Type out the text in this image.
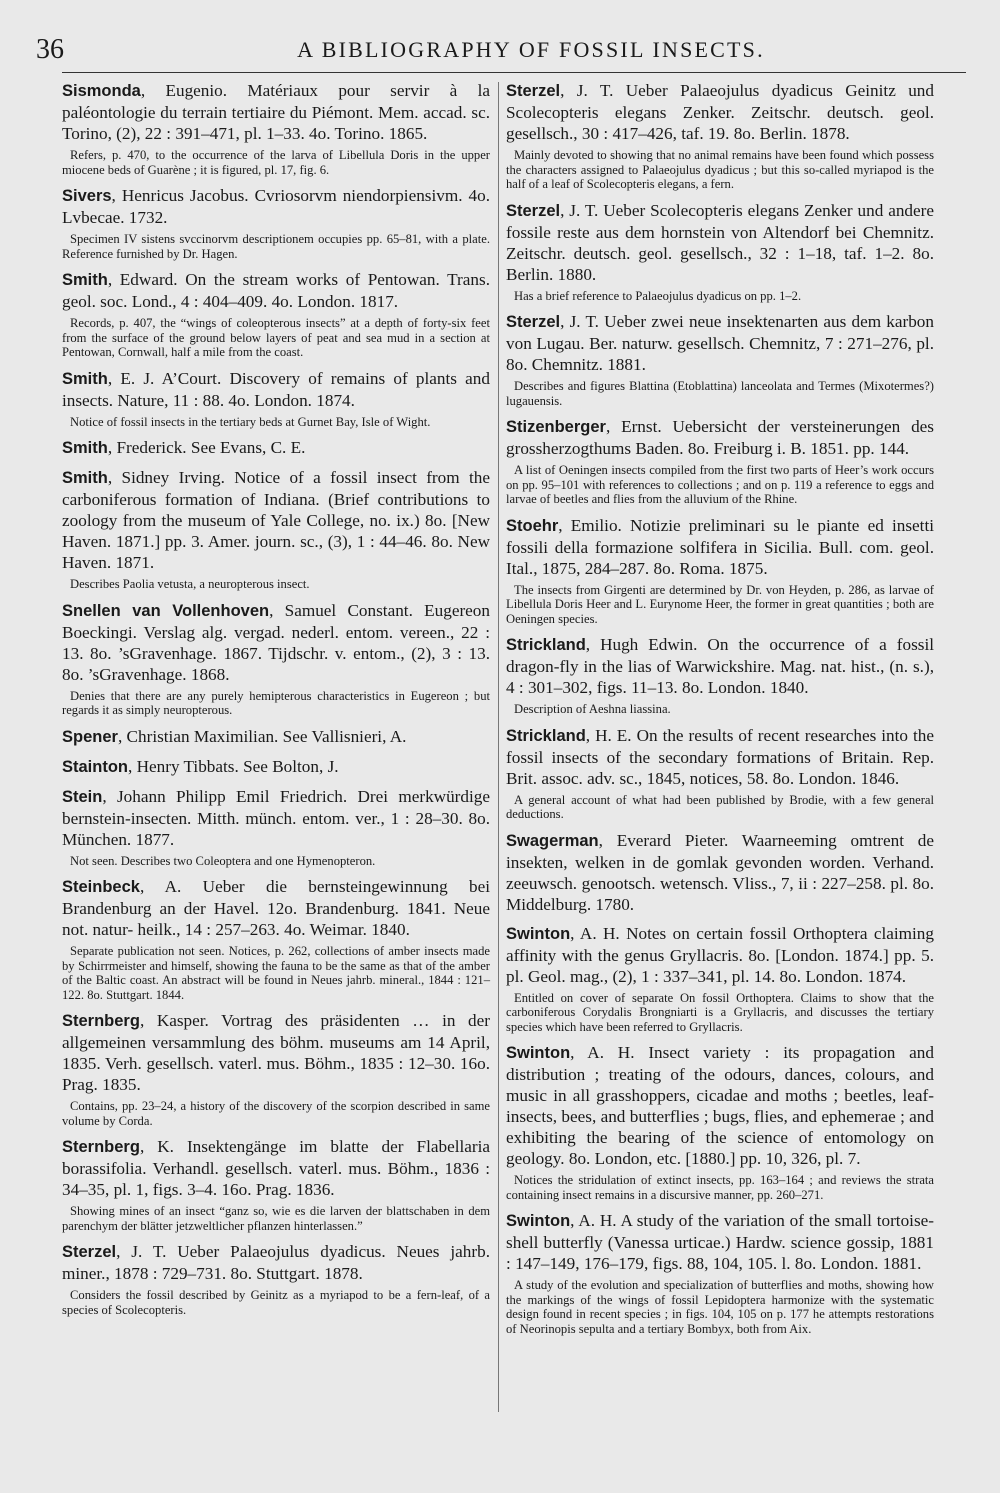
36	A BIBLIOGRAPHY OF FOSSIL INSECTS.
Sismonda, Eugenio. Matériaux pour servir à la paléontologie du terrain tertiaire du Piémont. Mem. accad. sc. Torino, (2), 22 : 391–471, pl. 1–33. 4o. Torino. 1865.
Refers, p. 470, to the occurrence of the larva of Libellula Doris in the upper miocene beds of Guarène ; it is figured, pl. 17, fig. 6.
Sivers, Henricus Jacobus. Cvriosorvm niendorpiensivm. 4o. Lvbecae. 1732.
Specimen IV sistens svccinorvm descriptionem occupies pp. 65–81, with a plate. Reference furnished by Dr. Hagen.
Smith, Edward. On the stream works of Pentowan. Trans. geol. soc. Lond., 4 : 404–409. 4o. London. 1817.
Records, p. 407, the “wings of coleopterous insects” at a depth of forty-six feet from the surface of the ground below layers of peat and sea mud in a section at Pentowan, Cornwall, half a mile from the coast.
Smith, E. J. A’Court. Discovery of remains of plants and insects. Nature, 11 : 88. 4o. London. 1874.
Notice of fossil insects in the tertiary beds at Gurnet Bay, Isle of Wight.
Smith, Frederick. See Evans, C. E.
Smith, Sidney Irving. Notice of a fossil insect from the carboniferous formation of Indiana. (Brief contributions to zoology from the museum of Yale College, no. ix.) 8o. [New Haven. 1871.] pp. 3. Amer. journ. sc., (3), 1 : 44–46. 8o. New Haven. 1871.
Describes Paolia vetusta, a neuropterous insect.
Snellen van Vollenhoven, Samuel Constant. Eugereon Boeckingi. Verslag alg. vergad. nederl. entom. vereen., 22 : 13. 8o. ’sGravenhage. 1867. Tijdschr. v. entom., (2), 3 : 13. 8o. ’sGravenhage. 1868.
Denies that there are any purely hemipterous characteristics in Eugereon ; but regards it as simply neuropterous.
Spener, Christian Maximilian. See Vallisnieri, A.
Stainton, Henry Tibbats. See Bolton, J.
Stein, Johann Philipp Emil Friedrich. Drei merkwürdige bernstein-insecten. Mitth. münch. entom. ver., 1 : 28–30. 8o. München. 1877.
Not seen. Describes two Coleoptera and one Hymenopteron.
Steinbeck, A. Ueber die bernsteingewinnung bei Brandenburg an der Havel. 12o. Brandenburg. 1841. Neue not. natur- heilk., 14 : 257–263. 4o. Weimar. 1840.
Separate publication not seen. Notices, p. 262, collections of amber insects made by Schirrmeister and himself, showing the fauna to be the same as that of the amber of the Baltic coast. An abstract will be found in Neues jahrb. mineral., 1844 : 121–122. 8o. Stuttgart. 1844.
Sternberg, Kasper. Vortrag des präsidenten … in der allgemeinen versammlung des böhm. museums am 14 April, 1835. Verh. gesellsch. vaterl. mus. Böhm., 1835 : 12–30. 16o. Prag. 1835.
Contains, pp. 23–24, a history of the discovery of the scorpion described in same volume by Corda.
Sternberg, K. Insektengänge im blatte der Flabellaria borassifolia. Verhandl. gesellsch. vaterl. mus. Böhm., 1836 : 34–35, pl. 1, figs. 3–4. 16o. Prag. 1836.
Showing mines of an insect “ganz so, wie es die larven der blattschaben in dem parenchym der blätter jetzweltlicher pflanzen hinterlassen.”
Sterzel, J. T. Ueber Palaeojulus dyadicus. Neues jahrb. miner., 1878 : 729–731. 8o. Stuttgart. 1878.
Considers the fossil described by Geinitz as a myriapod to be a fern-leaf, of a species of Scolecopteris.
Sterzel, J. T. Ueber Palaeojulus dyadicus Geinitz und Scolecopteris elegans Zenker. Zeitschr. deutsch. geol. gesellsch., 30 : 417–426, taf. 19. 8o. Berlin. 1878.
Mainly devoted to showing that no animal remains have been found which possess the characters assigned to Palaeojulus dyadicus ; but this so-called myriapod is the half of a leaf of Scolecopteris elegans, a fern.
Sterzel, J. T. Ueber Scolecopteris elegans Zenker und andere fossile reste aus dem hornstein von Altendorf bei Chemnitz. Zeitschr. deutsch. geol. gesellsch., 32 : 1–18, taf. 1–2. 8o. Berlin. 1880.
Has a brief reference to Palaeojulus dyadicus on pp. 1–2.
Sterzel, J. T. Ueber zwei neue insektenarten aus dem karbon von Lugau. Ber. naturw. gesellsch. Chemnitz, 7 : 271–276, pl. 8o. Chemnitz. 1881.
Describes and figures Blattina (Etoblattina) lanceolata and Termes (Mixotermes?) lugauensis.
Stizenberger, Ernst. Uebersicht der versteinerungen des grossherzogthums Baden. 8o. Freiburg i. B. 1851. pp. 144.
A list of Oeningen insects compiled from the first two parts of Heer’s work occurs on pp. 95–101 with references to collections ; and on p. 119 a reference to eggs and larvae of beetles and flies from the alluvium of the Rhine.
Stoehr, Emilio. Notizie preliminari su le piante ed insetti fossili della formazione solfifera in Sicilia. Bull. com. geol. Ital., 1875, 284–287. 8o. Roma. 1875.
The insects from Girgenti are determined by Dr. von Heyden, p. 286, as larvae of Libellula Doris Heer and L. Eurynome Heer, the former in great quantities ; both are Oeningen species.
Strickland, Hugh Edwin. On the occurrence of a fossil dragon-fly in the lias of Warwickshire. Mag. nat. hist., (n. s.), 4 : 301–302, figs. 11–13. 8o. London. 1840.
Description of Aeshna liassina.
Strickland, H. E. On the results of recent researches into the fossil insects of the secondary formations of Britain. Rep. Brit. assoc. adv. sc., 1845, notices, 58. 8o. London. 1846.
A general account of what had been published by Brodie, with a few general deductions.
Swagerman, Everard Pieter. Waarneeming omtrent de insekten, welken in de gomlak gevonden worden. Verhand. zeeuwsch. genootsch. wetensch. Vliss., 7, ii : 227–258. pl. 8o. Middelburg. 1780.
Swinton, A. H. Notes on certain fossil Orthoptera claiming affinity with the genus Gryllacris. 8o. [London. 1874.] pp. 5. pl. Geol. mag., (2), 1 : 337–341, pl. 14. 8o. London. 1874.
Entitled on cover of separate On fossil Orthoptera. Claims to show that the carboniferous Corydalis Brongniarti is a Gryllacris, and discusses the tertiary species which have been referred to Gryllacris.
Swinton, A. H. Insect variety : its propagation and distribution ; treating of the odours, dances, colours, and music in all grasshoppers, cicadae and moths ; beetles, leaf-insects, bees, and butterflies ; bugs, flies, and ephemerae ; and exhibiting the bearing of the science of entomology on geology. 8o. London, etc. [1880.] pp. 10, 326, pl. 7.
Notices the stridulation of extinct insects, pp. 163–164 ; and reviews the strata containing insect remains in a discursive manner, pp. 260–271.
Swinton, A. H. A study of the variation of the small tortoise-shell butterfly (Vanessa urticae.) Hardw. science gossip, 1881 : 147–149, 176–179, figs. 88, 104, 105. l. 8o. London. 1881.
A study of the evolution and specialization of butterflies and moths, showing how the markings of the wings of fossil Lepidoptera harmonize with the systematic design found in recent species ; in figs. 104, 105 on p. 177 he attempts restorations of Neorinopis sepulta and a tertiary Bombyx, both from Aix.
